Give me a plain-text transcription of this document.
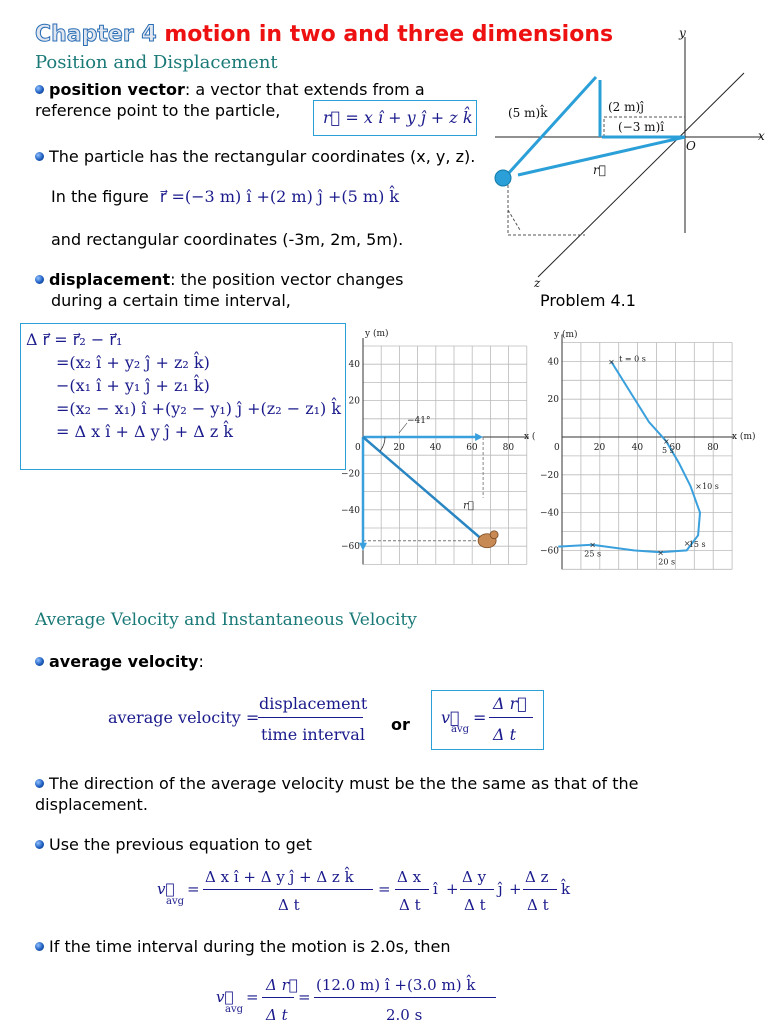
Chapter 4 motion in two and three dimensions
Position and Displacement
position vector: a vector that extends from a
reference point to the particle,	r⃗ = x î + y ĵ + z k̂
The particle has the rectangular coordinates (x, y, z).
In the figure r⃗ =(−3 m) î +(2 m) ĵ +(5 m) k̂
and rectangular coordinates (-3m, 2m, 5m).
displacement: the position vector changes
during a certain time interval,	Problem 4.1
(5 m)k̂	(2 m)ĵ
(−3 m)î
x
y
z
O
r⃗
Δ r⃗ = r⃗₂ − r⃗₁
=(x₂ î + y₂ ĵ + z₂ k̂)
−(x₁ î + y₁ ĵ + z₁ k̂)
=(x₂ − x₁) î +(y₂ − y₁) ĵ +(z₂ − z₁) k̂
= Δ x î + Δ y ĵ + Δ z k̂
0	20	40	60	80
40
20
−20
−40
−60
y (m)
x (
−41°
r⃗
0	20	40	60	80
40
20
−20
−40
−60
y (m)
x (m)
× t = 0 s
×
5 s
× 10 s
×
15 s
×
20 s
×
25 s
Average Velocity and Instantaneous Velocity
average velocity:
average velocity =
displacement
time interval
or v⃗
avg
=
Δ r⃗
Δ t
The direction of the average velocity must be the the same as that of the
displacement.
Use the previous equation to get
v⃗
avg
=
Δ x î + Δ y ĵ + Δ z k̂
Δ t
=
Δ x
Δ t
î +
Δ y
Δ t
ĵ +
Δ z
Δ t
k̂
If the time interval during the motion is 2.0s, then
v⃗
avg
=
Δ r⃗
Δ t
=
(12.0 m) î +(3.0 m) k̂
2.0 s
